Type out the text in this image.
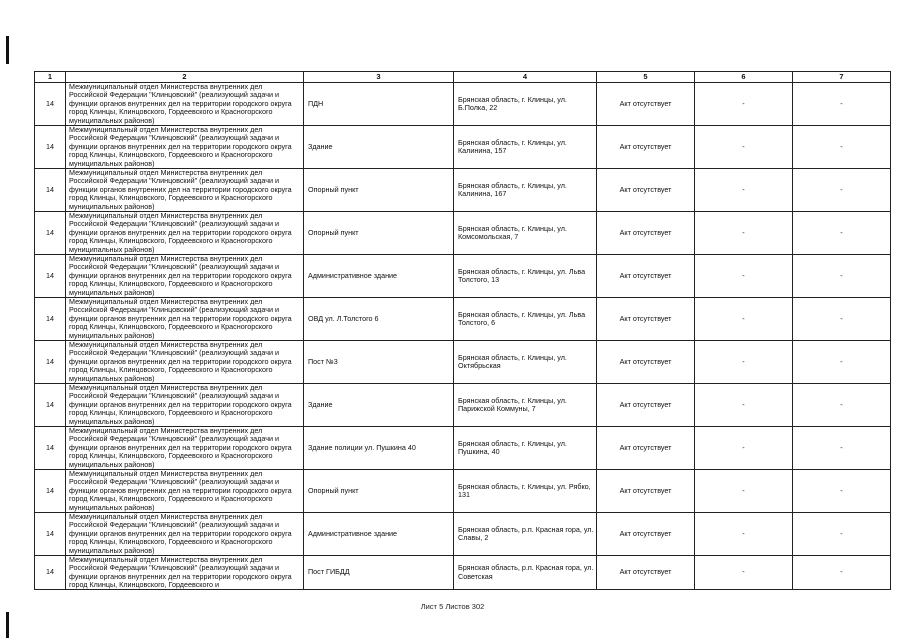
1	2	3	4	5	6	7
14	Межмуниципальный отдел Министерства внутренних дел Российской Федерации "Клинцовский" (реализующий задачи и функции органов внутренних дел на территории городского округа город Клинцы, Клинцовского, Гордеевского и Красногорского муниципальных районов)	ПДН	Брянская область, г. Клинцы, ул. Б.Полка, 22	Акт отсутствует	-	-
14	Межмуниципальный отдел Министерства внутренних дел Российской Федерации "Клинцовский" (реализующий задачи и функции органов внутренних дел на территории городского округа город Клинцы, Клинцовского, Гордеевского и Красногорского муниципальных районов)	Здание	Брянская область, г. Клинцы, ул. Калинина, 157	Акт отсутствует	-	-
14	Межмуниципальный отдел Министерства внутренних дел Российской Федерации "Клинцовский" (реализующий задачи и функции органов внутренних дел на территории городского округа город Клинцы, Клинцовского, Гордеевского и Красногорского муниципальных районов)	Опорный пункт	Брянская область, г. Клинцы, ул. Калинина, 167	Акт отсутствует	-	-
14	Межмуниципальный отдел Министерства внутренних дел Российской Федерации "Клинцовский" (реализующий задачи и функции органов внутренних дел на территории городского округа город Клинцы, Клинцовского, Гордеевского и Красногорского муниципальных районов)	Опорный пункт	Брянская область, г. Клинцы, ул. Комсомольская, 7	Акт отсутствует	-	-
14	Межмуниципальный отдел Министерства внутренних дел Российской Федерации "Клинцовский" (реализующий задачи и функции органов внутренних дел на территории городского округа город Клинцы, Клинцовского, Гордеевского и Красногорского муниципальных районов)	Административное здание	Брянская область, г. Клинцы, ул. Льва Толстого, 13	Акт отсутствует	-	-
14	Межмуниципальный отдел Министерства внутренних дел Российской Федерации "Клинцовский" (реализующий задачи и функции органов внутренних дел на территории городского округа город Клинцы, Клинцовского, Гордеевского и Красногорского муниципальных районов)	ОВД ул. Л.Толстого 6	Брянская область, г. Клинцы, ул. Льва Толстого, 6	Акт отсутствует	-	-
14	Межмуниципальный отдел Министерства внутренних дел Российской Федерации "Клинцовский" (реализующий задачи и функции органов внутренних дел на территории городского округа город Клинцы, Клинцовского, Гордеевского и Красногорского муниципальных районов)	Пост №3	Брянская область, г. Клинцы, ул. Октябрьская	Акт отсутствует	-	-
14	Межмуниципальный отдел Министерства внутренних дел Российской Федерации "Клинцовский" (реализующий задачи и функции органов внутренних дел на территории городского округа город Клинцы, Клинцовского, Гордеевского и Красногорского муниципальных районов)	Здание	Брянская область, г. Клинцы, ул. Парижской Коммуны, 7	Акт отсутствует	-	-
14	Межмуниципальный отдел Министерства внутренних дел Российской Федерации "Клинцовский" (реализующий задачи и функции органов внутренних дел на территории городского округа город Клинцы, Клинцовского, Гордеевского и Красногорского муниципальных районов)	Здание полиции ул. Пушкина 40	Брянская область, г. Клинцы, ул. Пушкина, 40	Акт отсутствует	-	-
14	Межмуниципальный отдел Министерства внутренних дел Российской Федерации "Клинцовский" (реализующий задачи и функции органов внутренних дел на территории городского округа город Клинцы, Клинцовского, Гордеевского и Красногорского муниципальных районов)	Опорный пункт	Брянская область, г. Клинцы, ул. Рябко, 131	Акт отсутствует	-	-
14	Межмуниципальный отдел Министерства внутренних дел Российской Федерации "Клинцовский" (реализующий задачи и функции органов внутренних дел на территории городского округа город Клинцы, Клинцовского, Гордеевского и Красногорского муниципальных районов)	Административное здание	Брянская область, р.п. Красная гора, ул. Славы, 2	Акт отсутствует	-	-
14	Межмуниципальный отдел Министерства внутренних дел Российской Федерации "Клинцовский" (реализующий задачи и функции органов внутренних дел на территории городского округа город Клинцы, Клинцовского, Гордеевского и	Пост ГИБДД	Брянская область, р.п. Красная гора, ул. Советская	Акт отсутствует	-	-
Лист 5 Листов 302
